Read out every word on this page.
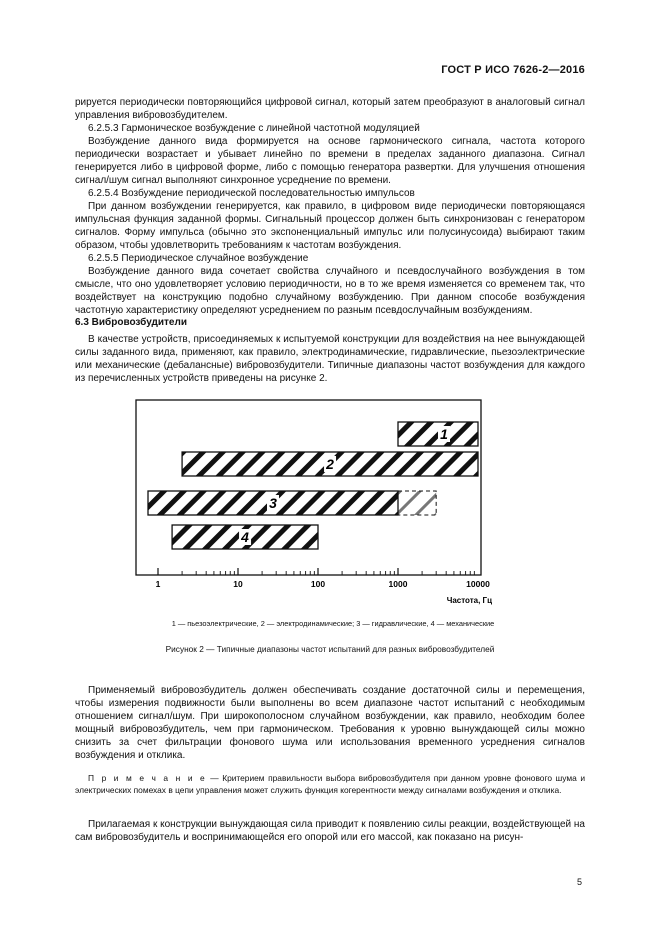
ГОСТ Р ИСО 7626-2—2016

рируется периодически повторяющийся цифровой сигнал, который затем преобразуют в аналоговый сигнал управления вибровозбудителем.

6.2.5.3 Гармоническое возбуждение с линейной частотной модуляцией

Возбуждение данного вида формируется на основе гармонического сигнала, частота которого периодически возрастает и убывает линейно по времени в пределах заданного диапазона. Сигнал генерируется либо в цифровой форме, либо с помощью генератора развертки. Для улучшения отношения сигнал/шум сигнал выполняют синхронное усреднение по времени.

6.2.5.4 Возбуждение периодической последовательностью импульсов

При данном возбуждении генерируется, как правило, в цифровом виде периодически повторяющаяся импульсная функция заданной формы. Сигнальный процессор должен быть синхронизован с генератором сигналов. Форму импульса (обычно это экспоненциальный импульс или полусинусоида) выбирают таким образом, чтобы удовлетворить требованиям к частотам возбуждения.

6.2.5.5 Периодическое случайное возбуждение

Возбуждение данного вида сочетает свойства случайного и псевдослучайного возбуждения в том смысле, что оно удовлетворяет условию периодичности, но в то же время изменяется со временем так, что воздействует на конструкцию подобно случайному возбуждению. При данном способе возбуждения частотную характеристику определяют усреднением по разным псевдослучайным возбуждениям.

6.3 Вибровозбудители

В качестве устройств, присоединяемых к испытуемой конструкции для воздействия на нее вынуждающей силы заданного вида, применяют, как правило, электродинамические, гидравлические, пьезоэлектрические или механические (дебалансные) вибровозбудители. Типичные диапазоны частот возбуждения для каждого из перечисленных устройств приведены на рисунке 2.

1
2
3
4
1	10	100	1000	10000
Частота, Гц
1 — пьезоэлектрические, 2 — электродинамические; 3 — гидравлические, 4 — механические
Рисунок 2 — Типичные диапазоны частот испытаний для разных вибровозбудителей

Применяемый вибровозбудитель должен обеспечивать создание достаточной силы и перемещения, чтобы измерения подвижности были выполнены во всем диапазоне частот испытаний с необходимым отношением сигнал/шум. При широкополосном случайном возбуждении, как правило, необходим более мощный вибровозбудитель, чем при гармоническом. Требования к уровню вынуждающей силы можно снизить за счет фильтрации фонового шума или использования временного усреднения сигналов возбуждения и отклика.

П р и м е ч а н и е — Критерием правильности выбора вибровозбудителя при данном уровне фонового шума и электрических помехах в цепи управления может служить функция когерентности между сигналами возбуждения и отклика.

Прилагаемая к конструкции вынуждающая сила приводит к появлению силы реакции, воздействующей на сам вибровозбудитель и воспринимающейся его опорой или его массой, как показано на рисун-

5
